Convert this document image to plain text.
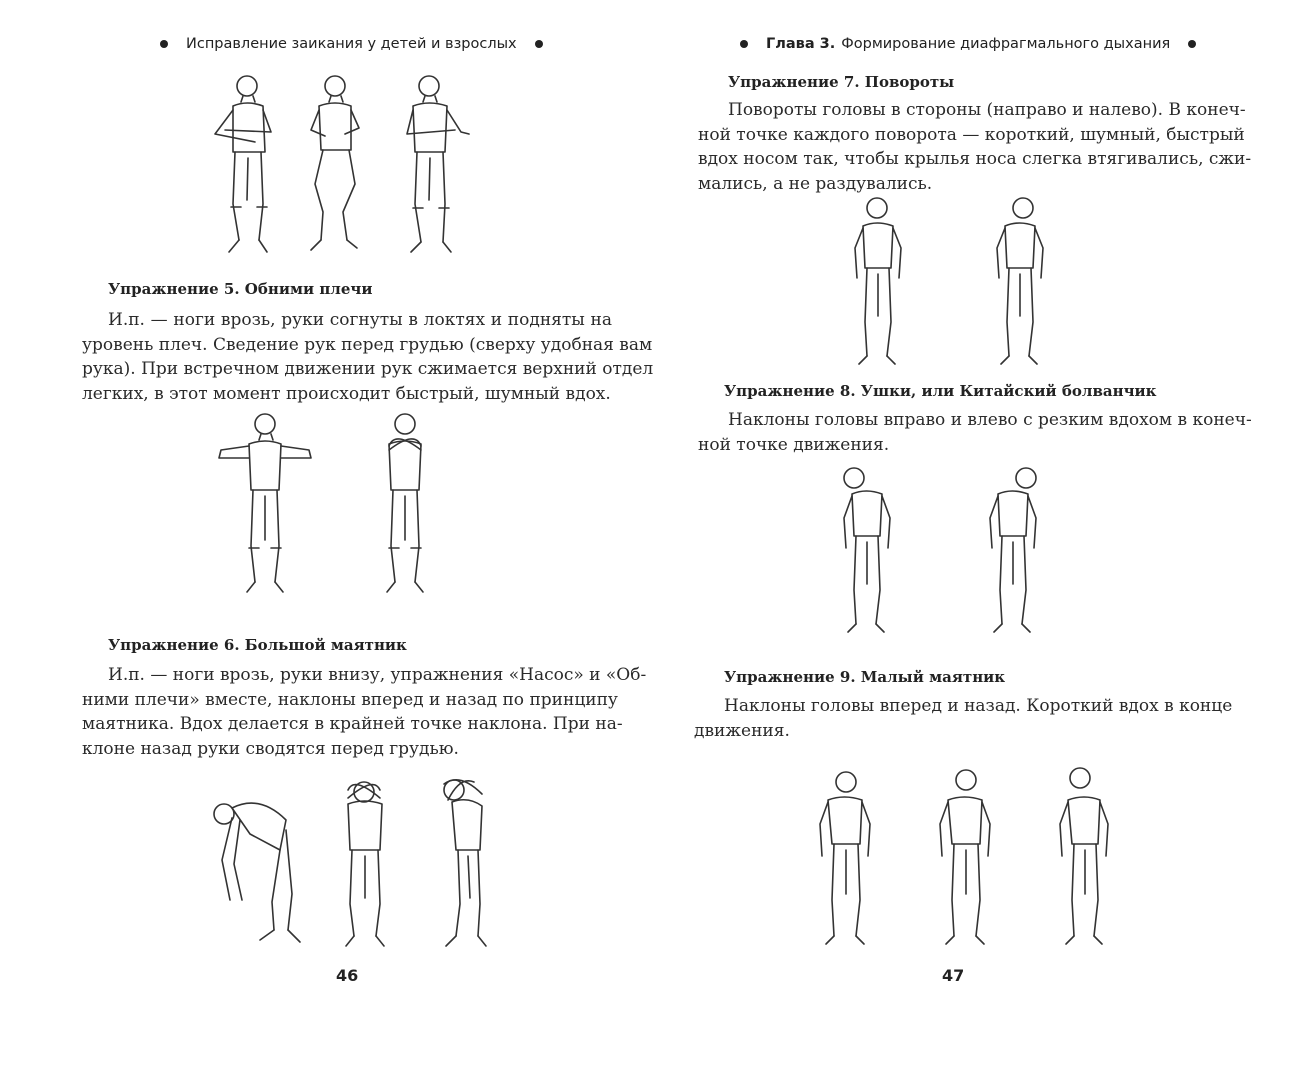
Исправление заикания у детей и взрослых
Упражнение 5. Обними плечи
И.п. — ноги врозь, руки согнуты в локтях и подняты на
уровень плеч. Сведение рук перед грудью (сверху удобная вам
рука). При встречном движении рук сжимается верхний отдел
легких, в этот момент происходит быстрый, шумный вдох.
Упражнение 6. Большой маятник
И.п. — ноги врозь, руки внизу, упражнения «Насос» и «Об-
ними плечи» вместе, наклоны вперед и назад по принципу
маятника. Вдох делается в крайней точке наклона. При на-
клоне назад руки сводятся перед грудью.
46
Глава 3. Формирование диафрагмального дыхания
Упражнение 7. Повороты
Повороты головы в стороны (направо и налево). В конеч-
ной точке каждого поворота — короткий, шумный, быстрый
вдох носом так, чтобы крылья носа слегка втягивались, сжи-
мались, а не раздувались.
Упражнение 8. Ушки, или Китайский болванчик
Наклоны головы вправо и влево с резким вдохом в конеч-
ной точке движения.
Упражнение 9. Малый маятник
Наклоны головы вперед и назад. Короткий вдох в конце
движения.
47
